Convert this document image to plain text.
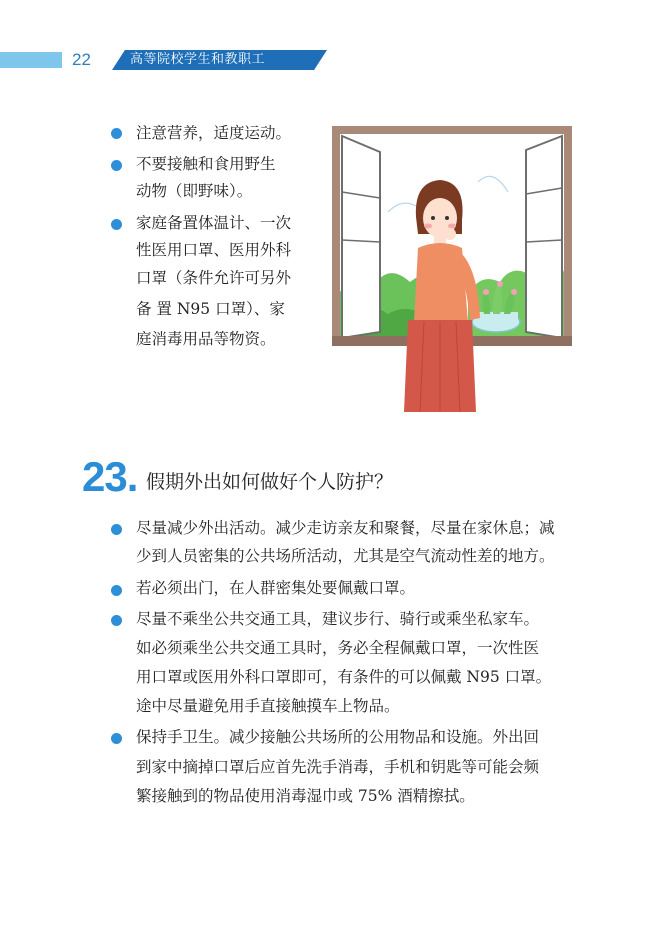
22	高等院校学生和教职工
注意营养，适度运动。
不要接触和食用野生
动物（即野味）。
家庭备置体温计、一次
性医用口罩、医用外科
口罩（条件允许可另外
备 置 N95 口罩）、家
庭消毒用品等物资。
23. 假期外出如何做好个人防护？
尽量减少外出活动。减少走访亲友和聚餐，尽量在家休息；减
少到人员密集的公共场所活动，尤其是空气流动性差的地方。
若必须出门，在人群密集处要佩戴口罩。
尽量不乘坐公共交通工具，建议步行、骑行或乘坐私家车。
如必须乘坐公共交通工具时，务必全程佩戴口罩，一次性医
用口罩或医用外科口罩即可，有条件的可以佩戴 N95 口罩。
途中尽量避免用手直接触摸车上物品。
保持手卫生。减少接触公共场所的公用物品和设施。外出回
到家中摘掉口罩后应首先洗手消毒，手机和钥匙等可能会频
繁接触到的物品使用消毒湿巾或 75% 酒精擦拭。
